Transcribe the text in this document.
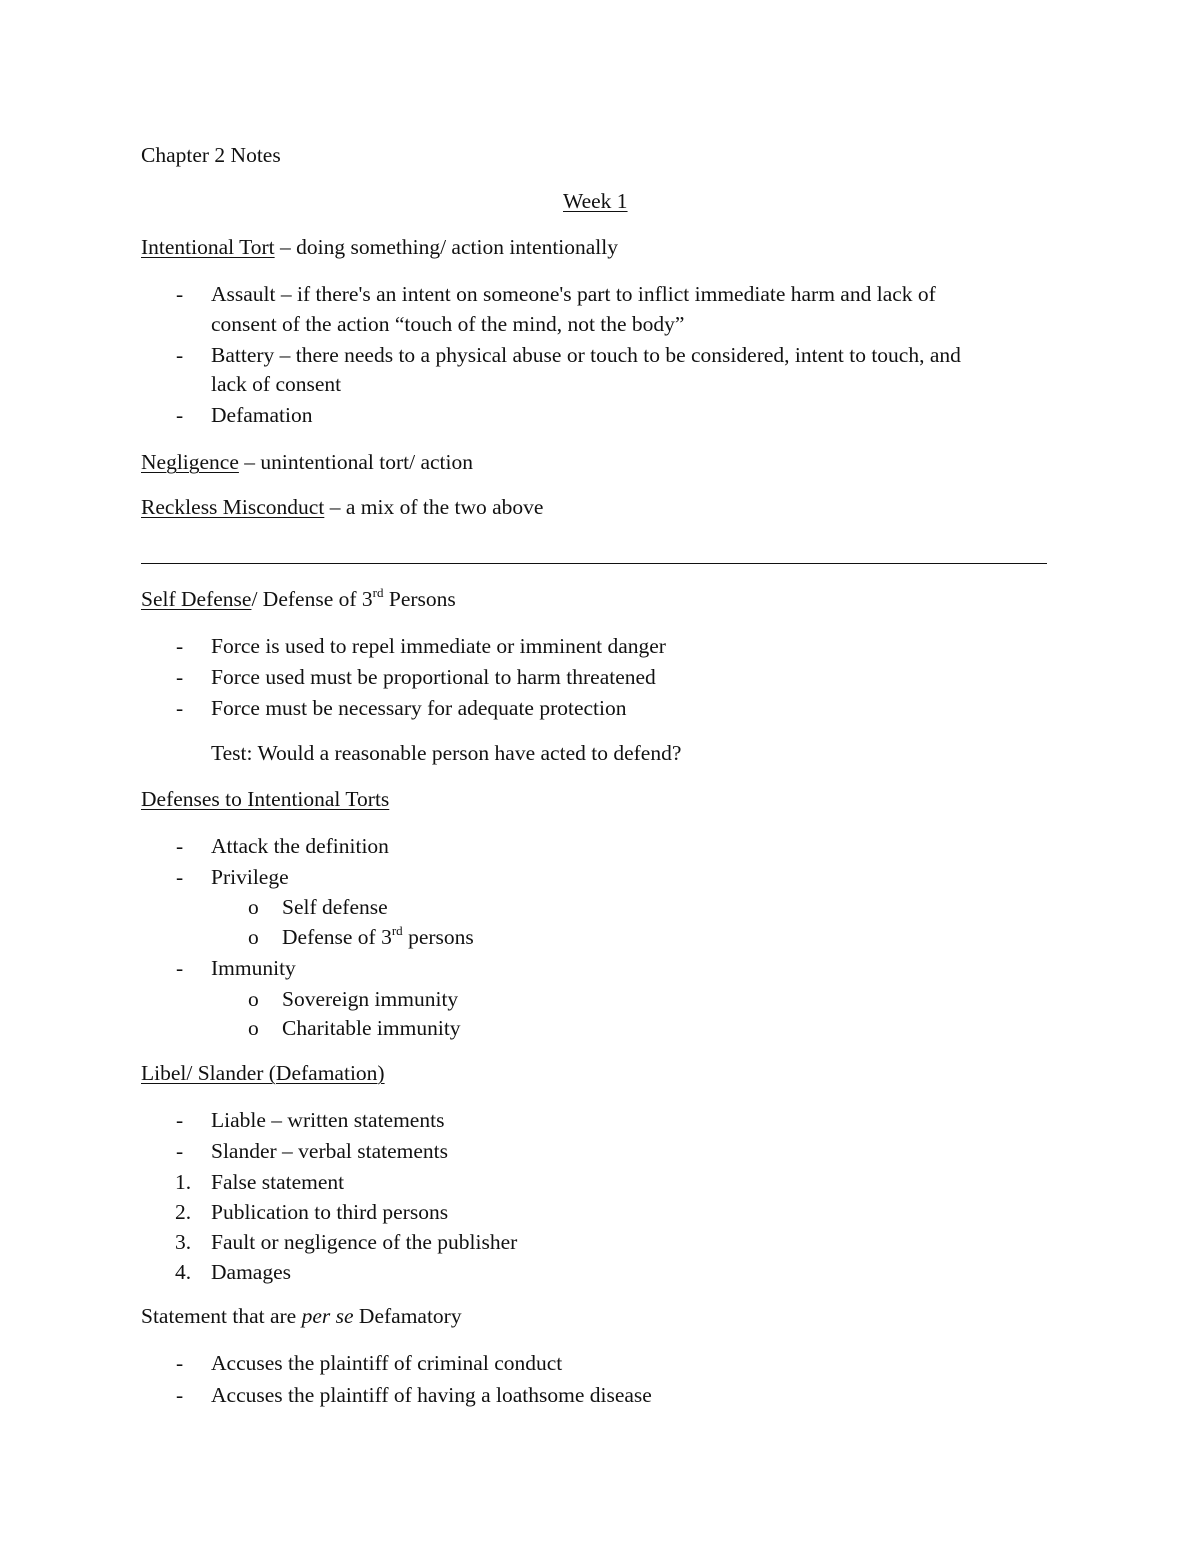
Chapter 2 Notes
Week 1
Intentional Tort – doing something/ action intentionally
- Assault – if there's an intent on someone's part to inflict immediate harm and lack of
consent of the action “touch of the mind, not the body”
- Battery – there needs to a physical abuse or touch to be considered, intent to touch, and
lack of consent
- Defamation
Negligence – unintentional tort/ action
Reckless Misconduct – a mix of the two above
Self Defense/ Defense of 3rd Persons
- Force is used to repel immediate or imminent danger
- Force used must be proportional to harm threatened
- Force must be necessary for adequate protection
Test: Would a reasonable person have acted to defend?
Defenses to Intentional Torts
- Attack the definition
- Privilege
o Self defense
o Defense of 3rd persons
- Immunity
o Sovereign immunity
o Charitable immunity
Libel/ Slander (Defamation)
- Liable – written statements
- Slander – verbal statements
1. False statement
2. Publication to third persons
3. Fault or negligence of the publisher
4. Damages
Statement that are per se Defamatory
- Accuses the plaintiff of criminal conduct
- Accuses the plaintiff of having a loathsome disease
